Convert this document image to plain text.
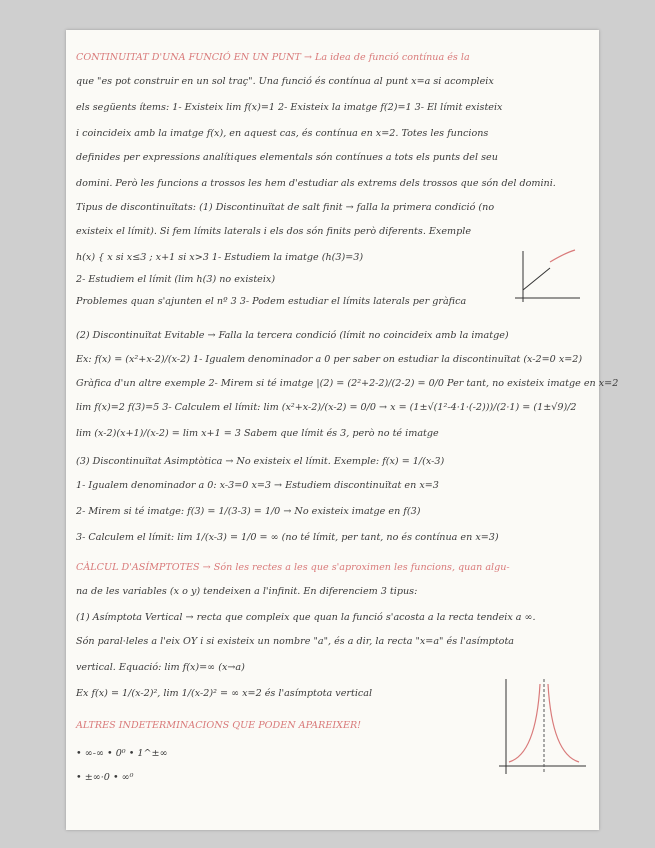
CONTINUITAT D'UNA FUNCIÓ EN UN PUNT → La idea de funció contínua és la
que "es pot construir en un sol traç". Una funció és contínua al punt x=a si acompleix
els següents ítems: 1- Existeix lim f(x)=1 2- Existeix la imatge f(2)=1 3- El límit existeix
i coincideix amb la imatge f(x), en aquest cas, és contínua en x=2. Totes les funcions
definides per expressions analítiques elementals són contínues a tots els punts del seu
domini. Però les funcions a trossos les hem d'estudiar als extrems dels trossos que són del domini.
Tipus de discontinuïtats: (1) Discontinuïtat de salt finit → falla la primera condició (no
existeix el límit). Si fem límits laterals i els dos són finits però diferents. Exemple
h(x) { x si x≤3 ; x+1 si x>3 1- Estudiem la imatge (h(3)=3)
2- Estudiem el límit (lim h(3) no existeix)
Problemes quan s'ajunten el nº 3 3- Podem estudiar el límits laterals per gràfica
(2) Discontinuïtat Evitable → Falla la tercera condició (límit no coincideix amb la imatge)
Ex: f(x) = (x²+x-2)/(x-2) 1- Igualem denominador a 0 per saber on estudiar la discontinuïtat (x-2=0 x=2)
Gràfica d'un altre exemple 2- Mirem si té imatge |(2) = (2²+2-2)/(2-2) = 0/0 Per tant, no existeix imatge en x=2
lim f(x)=2 f(3)=5 3- Calculem el límit: lim (x²+x-2)/(x-2) = 0/0 → x = (1±√(1²-4·1·(-2)))/(2·1) = (1±√9)/2
lim (x-2)(x+1)/(x-2) = lim x+1 = 3 Sabem que límit és 3, però no té imatge
(3) Discontinuïtat Asimptòtica → No existeix el límit. Exemple: f(x) = 1/(x-3)
1- Igualem denominador a 0: x-3=0 x=3 → Estudiem discontinuïtat en x=3
2- Mirem si té imatge: f(3) = 1/(3-3) = 1/0 → No existeix imatge en f(3)
3- Calculem el límit: lim 1/(x-3) = 1/0 = ∞ (no té límit, per tant, no és contínua en x=3)
CÀLCUL D'ASÍMPTOTES → Són les rectes a les que s'aproximen les funcions, quan algu-
na de les variables (x o y) tendeixen a l'infinit. En diferenciem 3 tipus:
(1) Asímptota Vertical → recta que compleix que quan la funció s'acosta a la recta tendeix a ∞.
Són paral·leles a l'eix OY i si existeix un nombre "a", és a dir, la recta "x=a" és l'asímptota
vertical. Equació: lim f(x)=∞ (x→a)
Ex f(x) = 1/(x-2)², lim 1/(x-2)² = ∞ x=2 és l'asímptota vertical
ALTRES INDETERMINACIONS QUE PODEN APAREIXER!
• ∞-∞ • 0⁰ • 1^±∞
• ±∞·0 • ∞⁰
